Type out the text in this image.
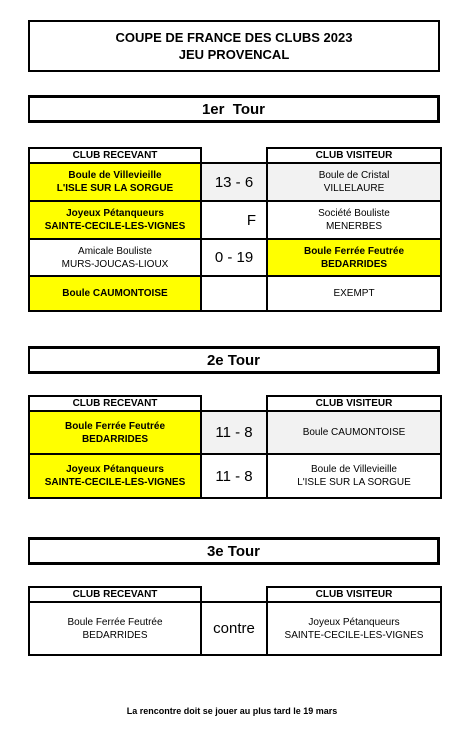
COUPE DE FRANCE DES CLUBS 2023
JEU PROVENCAL
1er  Tour
CLUB RECEVANT		CLUB VISITEUR

Boule de Villevieille
L'ISLE SUR LA SORGUE	13 - 6	Boule de Cristal
VILLELAURE

Joyeux Pétanqueurs
SAINTE-CECILE-LES-VIGNES	F	Société Bouliste
MENERBES

Amicale Bouliste
MURS-JOUCAS-LIOUX	0 - 19	Boule Ferrée Feutrée
BEDARRIDES

Boule CAUMONTOISE		EXEMPT
2e Tour
CLUB RECEVANT		CLUB VISITEUR

Boule Ferrée Feutrée
BEDARRIDES	11 - 8	Boule CAUMONTOISE

Joyeux Pétanqueurs
SAINTE-CECILE-LES-VIGNES	11 - 8	Boule de Villevieille
L'ISLE SUR LA SORGUE
3e Tour
CLUB RECEVANT		CLUB VISITEUR

Boule Ferrée Feutrée
BEDARRIDES	contre	Joyeux Pétanqueurs
SAINTE-CECILE-LES-VIGNES
La rencontre doit se jouer au plus tard le 19 mars
